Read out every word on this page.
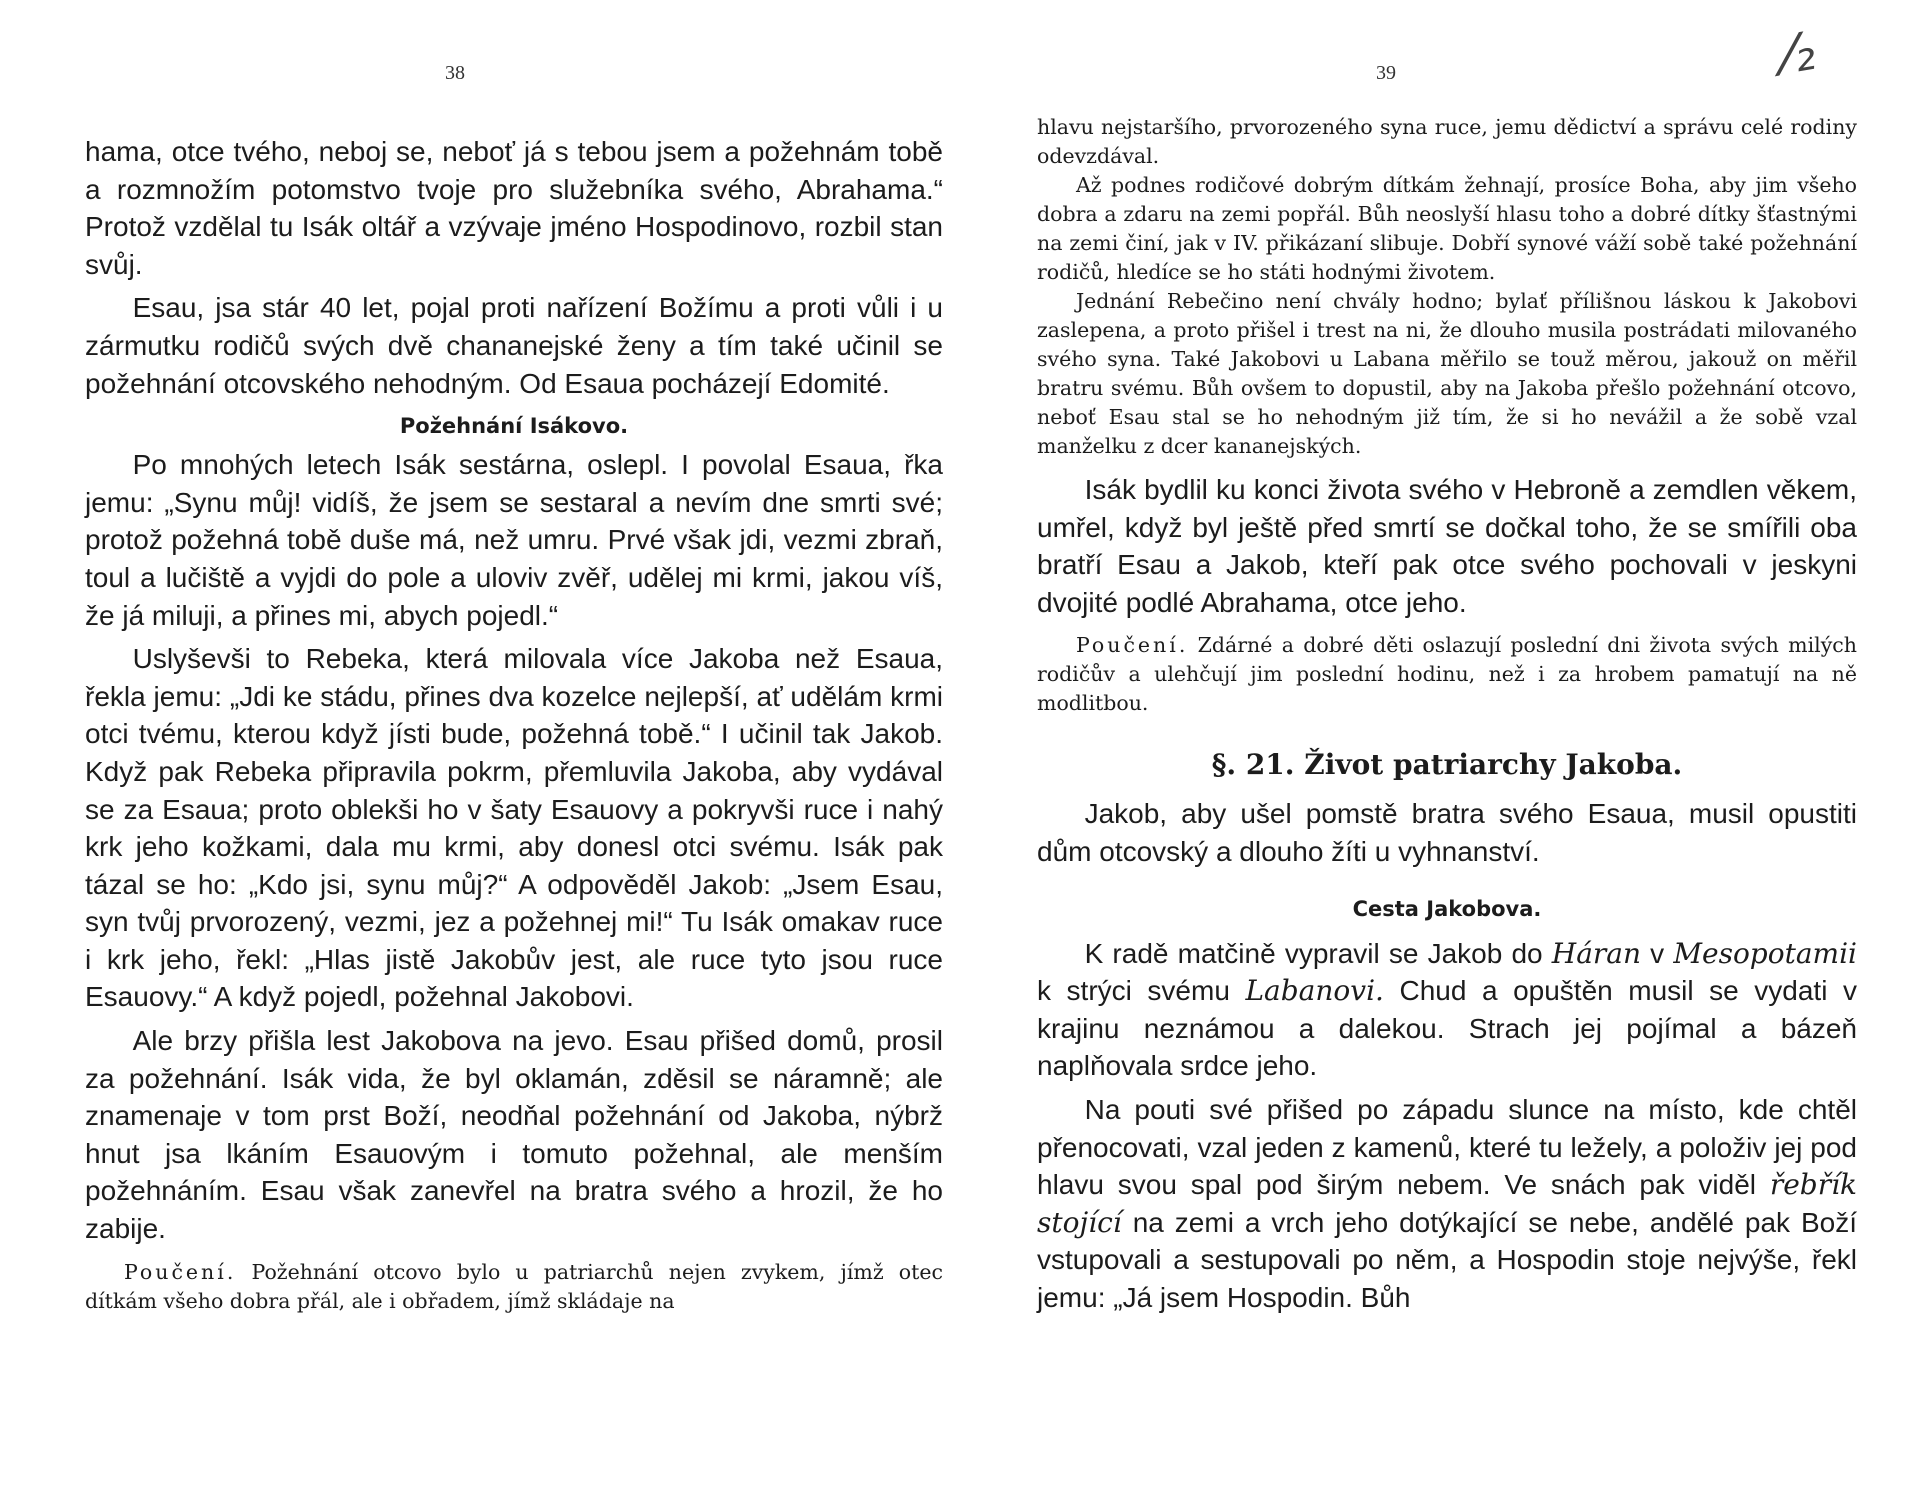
38

hama, otce tvého, neboj se, neboť já s tebou jsem a požehnám tobě a rozmnožím potomstvo tvoje pro služebníka svého, Abrahama.“ Protož vzdělal tu Isák oltář a vzývaje jméno Hospodinovo, rozbil stan svůj.

Esau, jsa stár 40 let, pojal proti nařízení Božímu a proti vůli i u zármutku rodičů svých dvě chananejské ženy a tím také učinil se požehnání otcovského nehodným. Od Esaua pocházejí Edomité.

Požehnání Isákovo.

Po mnohých letech Isák sestárna, oslepl. I povolal Esaua, řka jemu: „Synu můj! vidíš, že jsem se sestaral a nevím dne smrti své; protož požehná tobě duše má, než umru. Prvé však jdi, vezmi zbraň, toul a lučiště a vyjdi do pole a uloviv zvěř, udělej mi krmi, jakou víš, že já miluji, a přines mi, abych pojedl.“

Uslyševši to Rebeka, která milovala více Jakoba než Esaua, řekla jemu: „Jdi ke stádu, přines dva kozelce nejlepší, ať udělám krmi otci tvému, kterou když jísti bude, požehná tobě.“ I učinil tak Jakob. Když pak Rebeka připravila pokrm, přemluvila Jakoba, aby vydával se za Esaua; proto oblekši ho v šaty Esauovy a pokryvši ruce i nahý krk jeho kožkami, dala mu krmi, aby donesl otci svému. Isák pak tázal se ho: „Kdo jsi, synu můj?“ A odpověděl Jakob: „Jsem Esau, syn tvůj prvorozený, vezmi, jez a požehnej mi!“ Tu Isák omakav ruce i krk jeho, řekl: „Hlas jistě Jakobův jest, ale ruce tyto jsou ruce Esauovy.“ A když pojedl, požehnal Jakobovi.

Ale brzy přišla lest Jakobova na jevo. Esau přišed domů, prosil za požehnání. Isák vida, že byl oklamán, zděsil se náramně; ale znamenaje v tom prst Boží, neodňal požehnání od Jakoba, nýbrž hnut jsa lkáním Esauovým i tomuto požehnal, ale menším požehnáním. Esau však zanevřel na bratra svého a hrozil, že ho zabije.

Poučení. Požehnání otcovo bylo u patriarchů nejen zvykem, jímž otec dítkám všeho dobra přál, ale i obřadem, jímž skládaje na

39	⁄₂

hlavu nejstaršího, prvorozeného syna ruce, jemu dědictví a správu celé rodiny odevzdával.

Až podnes rodičové dobrým dítkám žehnají, prosíce Boha, aby jim všeho dobra a zdaru na zemi popřál. Bůh neoslyší hlasu toho a dobré dítky šťastnými na zemi činí, jak v IV. přikázaní slibuje. Dobří synové váží sobě také požehnání rodičů, hledíce se ho státi hodnými životem.

Jednání Rebečino není chvály hodno; bylať přílišnou láskou k Jakobovi zaslepena, a proto přišel i trest na ni, že dlouho musila postrádati milovaného svého syna. Také Jakobovi u Labana měřilo se touž měrou, jakouž on měřil bratru svému. Bůh ovšem to dopustil, aby na Jakoba přešlo požehnání otcovo, neboť Esau stal se ho nehodným již tím, že si ho nevážil a že sobě vzal manželku z dcer kananejských.

Isák bydlil ku konci života svého v Hebroně a zemdlen věkem, umřel, když byl ještě před smrtí se dočkal toho, že se smířili oba bratří Esau a Jakob, kteří pak otce svého pochovali v jeskyni dvojité podlé Abrahama, otce jeho.

Poučení. Zdárné a dobré děti oslazují poslední dni života svých milých rodičův a ulehčují jim poslední hodinu, než i za hrobem pamatují na ně modlitbou.

§. 21. Život patriarchy Jakoba.

Jakob, aby ušel pomstě bratra svého Esaua, musil opustiti dům otcovský a dlouho žíti u vyhnanství.

Cesta Jakobova.

K radě matčině vypravil se Jakob do Háran v Mesopotamii k strýci svému Labanovi. Chud a opuštěn musil se vydati v krajinu neznámou a dalekou. Strach jej pojímal a bázeň naplňovala srdce jeho.

Na pouti své přišed po západu slunce na místo, kde chtěl přenocovati, vzal jeden z kamenů, které tu ležely, a položiv jej pod hlavu svou spal pod širým nebem. Ve snách pak viděl řebřík stojící na zemi a vrch jeho dotýkající se nebe, andělé pak Boží vstupovali a sestupovali po něm, a Hospodin stoje nejvýše, řekl jemu: „Já jsem Hospodin. Bůh
